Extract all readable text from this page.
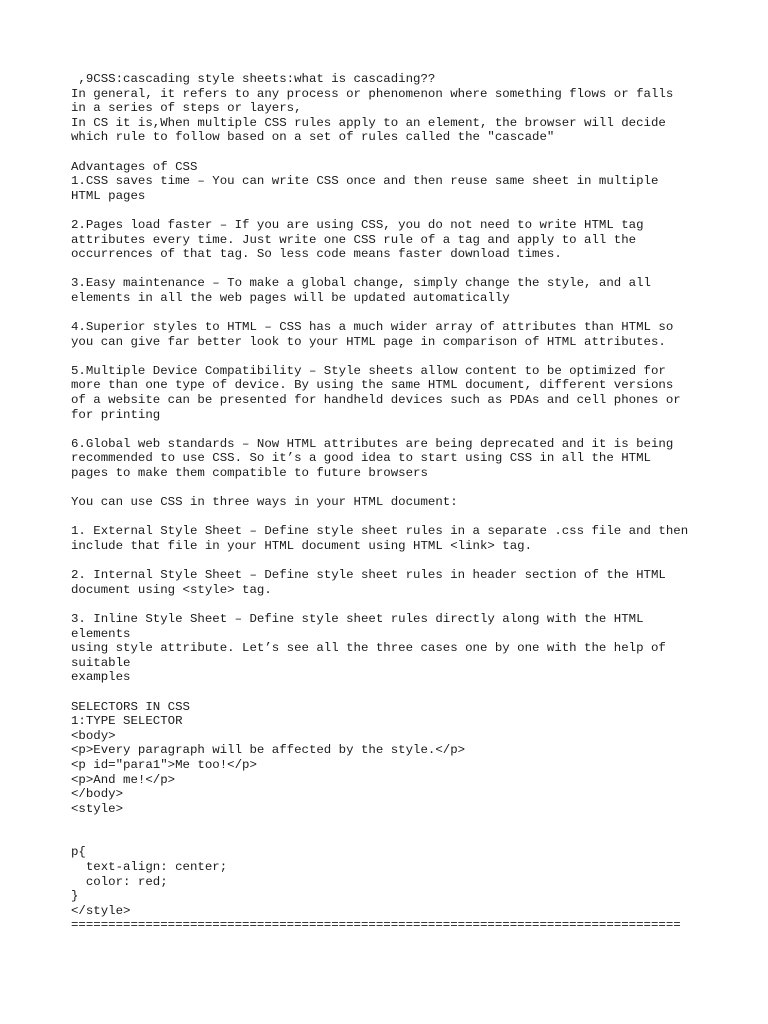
,9CSS:cascading style sheets:what is cascading??
In general, it refers to any process or phenomenon where something flows or falls
in a series of steps or layers,
In CS it is,When multiple CSS rules apply to an element, the browser will decide
which rule to follow based on a set of rules called the "cascade"
Advantages of CSS
1.CSS saves time – You can write CSS once and then reuse same sheet in multiple
HTML pages
2.Pages load faster – If you are using CSS, you do not need to write HTML tag
attributes every time. Just write one CSS rule of a tag and apply to all the
occurrences of that tag. So less code means faster download times.
3.Easy maintenance – To make a global change, simply change the style, and all
elements in all the web pages will be updated automatically
4.Superior styles to HTML – CSS has a much wider array of attributes than HTML so
you can give far better look to your HTML page in comparison of HTML attributes.
5.Multiple Device Compatibility – Style sheets allow content to be optimized for
more than one type of device. By using the same HTML document, different versions
of a website can be presented for handheld devices such as PDAs and cell phones or
for printing
6.Global web standards – Now HTML attributes are being deprecated and it is being
recommended to use CSS. So it’s a good idea to start using CSS in all the HTML
pages to make them compatible to future browsers
You can use CSS in three ways in your HTML document:
1. External Style Sheet – Define style sheet rules in a separate .css file and then
include that file in your HTML document using HTML <link> tag.
2. Internal Style Sheet – Define style sheet rules in header section of the HTML
document using <style> tag.
3. Inline Style Sheet – Define style sheet rules directly along with the HTML
elements
using style attribute. Let’s see all the three cases one by one with the help of
suitable
examples
SELECTORS IN CSS
1:TYPE SELECTOR
<body>
<p>Every paragraph will be affected by the style.</p>
<p id="para1">Me too!</p>
<p>And me!</p>
</body>
<style>
p{
text-align: center;
color: red;
}
</style>
==================================================================================
